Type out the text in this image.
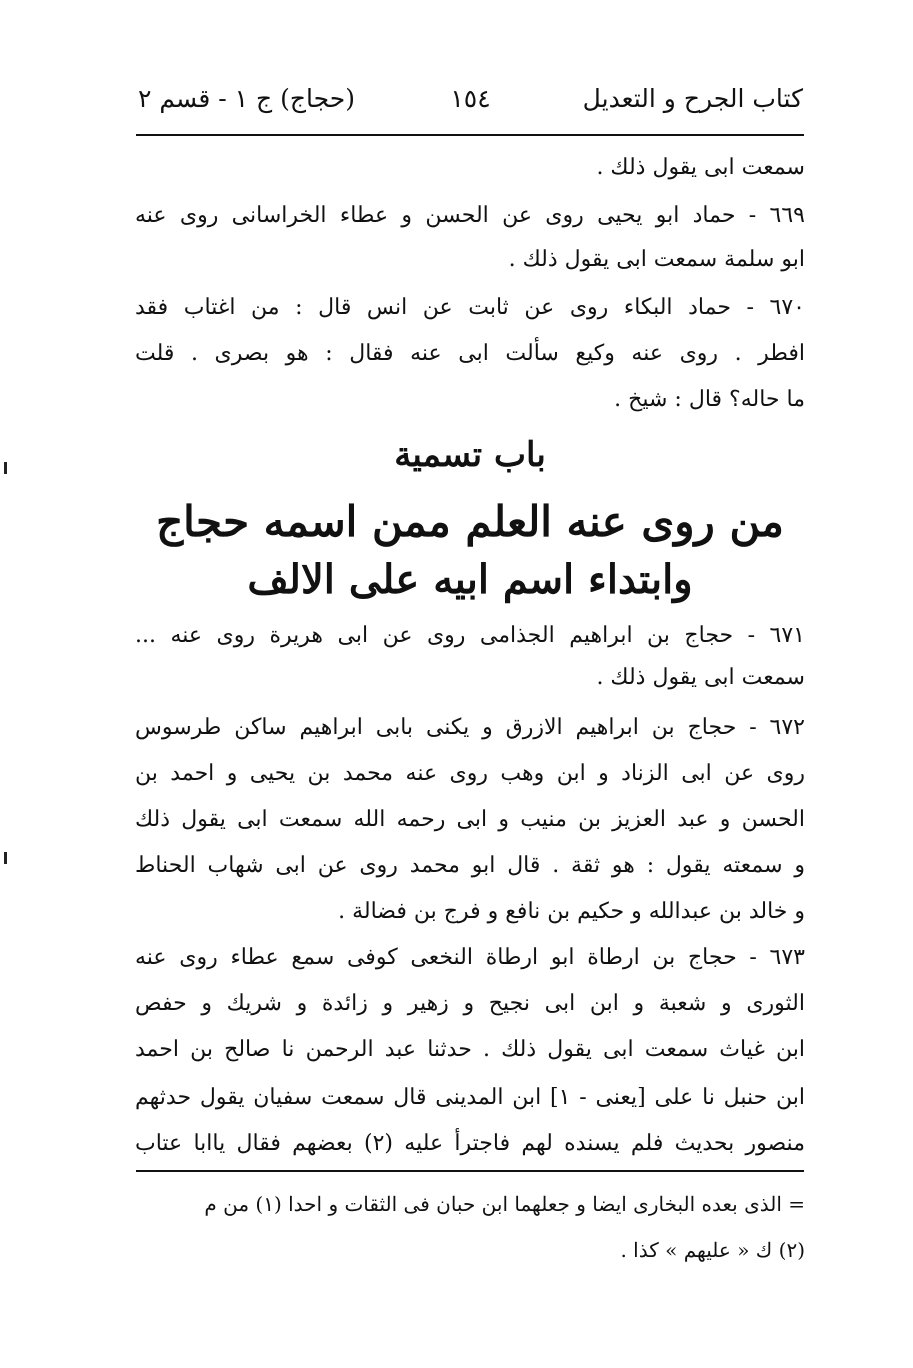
كتاب الجرح و التعديل
١٥٤
(حجاج) ج ١ - قسم ٢
سمعت ابى يقول ذلك .
٦٦٩ - حماد ابو يحيى روى عن الحسن و عطاء الخراسانى روى عنه
ابو سلمة سمعت ابى يقول ذلك .
٦٧٠ - حماد البكاء روى عن ثابت عن انس قال : من اغتاب فقد
افطر . روى عنه وكيع سألت ابى عنه فقال : هو بصرى . قلت
ما حاله؟ قال : شيخ .
باب تسمية
من روى عنه العلم ممن اسمه حجاج
وابتداء اسم ابيه على الالف
٦٧١ - حجاج بن ابراهيم الجذامى روى عن ابى هريرة روى عنه ...
سمعت ابى يقول ذلك .
٦٧٢ - حجاج بن ابراهيم الازرق و يكنى بابى ابراهيم ساكن طرسوس
روى عن ابى الزناد و ابن وهب روى عنه محمد بن يحيى و احمد بن
الحسن و عبد العزيز بن منيب و ابى رحمه الله سمعت ابى يقول ذلك
و سمعته يقول : هو ثقة . قال ابو محمد روى عن ابى شهاب الحناط
و خالد بن عبدالله و حكيم بن نافع و فرج بن فضالة .
٦٧٣ - حجاج بن ارطاة ابو ارطاة النخعى كوفى سمع عطاء روى عنه
الثورى و شعبة و ابن ابى نجيح و زهير و زائدة و شريك و حفص
ابن غياث سمعت ابى يقول ذلك . حدثنا عبد الرحمن نا صالح بن احمد
ابن حنبل نا على [يعنى - ١] ابن المدينى قال سمعت سفيان يقول حدثهم
منصور بحديث فلم يسنده لهم فاجترأ عليه (٢) بعضهم فقال ياابا عتاب
= الذى بعده البخارى ايضا و جعلهما ابن حبان فى الثقات و احدا (١) من م
(٢) ك « عليهم » كذا .
